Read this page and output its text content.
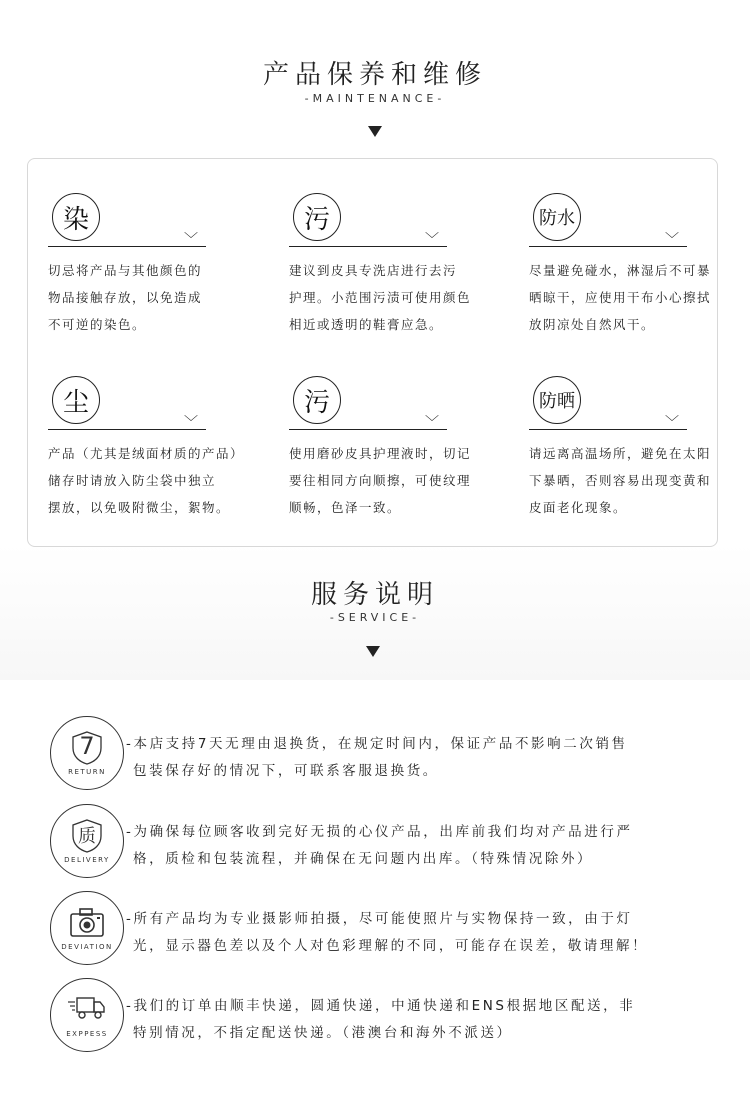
产品保养和维修
-MAINTENANCE-
染
﹀
切忌将产品与其他颜色的
物品接触存放，以免造成
不可逆的染色。
污
﹀
建议到皮具专洗店进行去污
护理。小范围污渍可使用颜色
相近或透明的鞋膏应急。
防水
﹀
尽量避免碰水，淋湿后不可暴
晒晾干，应使用干布小心擦拭
放阴凉处自然风干。
尘
﹀
产品（尤其是绒面材质的产品）
储存时请放入防尘袋中独立
摆放，以免吸附微尘，絮物。
污
﹀
使用磨砂皮具护理液时，切记
要往相同方向顺擦，可使纹理
顺畅，色泽一致。
防晒
﹀
请远离高温场所，避免在太阳
下暴晒，否则容易出现变黄和
皮面老化现象。
服务说明
-SERVICE-
7
RETURN
-本店支持7天无理由退换货，在规定时间内，保证产品不影响二次销售
包装保存好的情况下，可联系客服退换货。
质
DELIVERY
-为确保每位顾客收到完好无损的心仪产品，出库前我们均对产品进行严
格，质检和包装流程，并确保在无问题内出库。（特殊情况除外）
DEVIATION
-所有产品均为专业摄影师拍摄，尽可能使照片与实物保持一致，由于灯
光，显示器色差以及个人对色彩理解的不同，可能存在误差，敬请理解！
EXPPESS
-我们的订单由顺丰快递，圆通快递，中通快递和ENS根据地区配送，非
特别情况，不指定配送快递。（港澳台和海外不派送）
